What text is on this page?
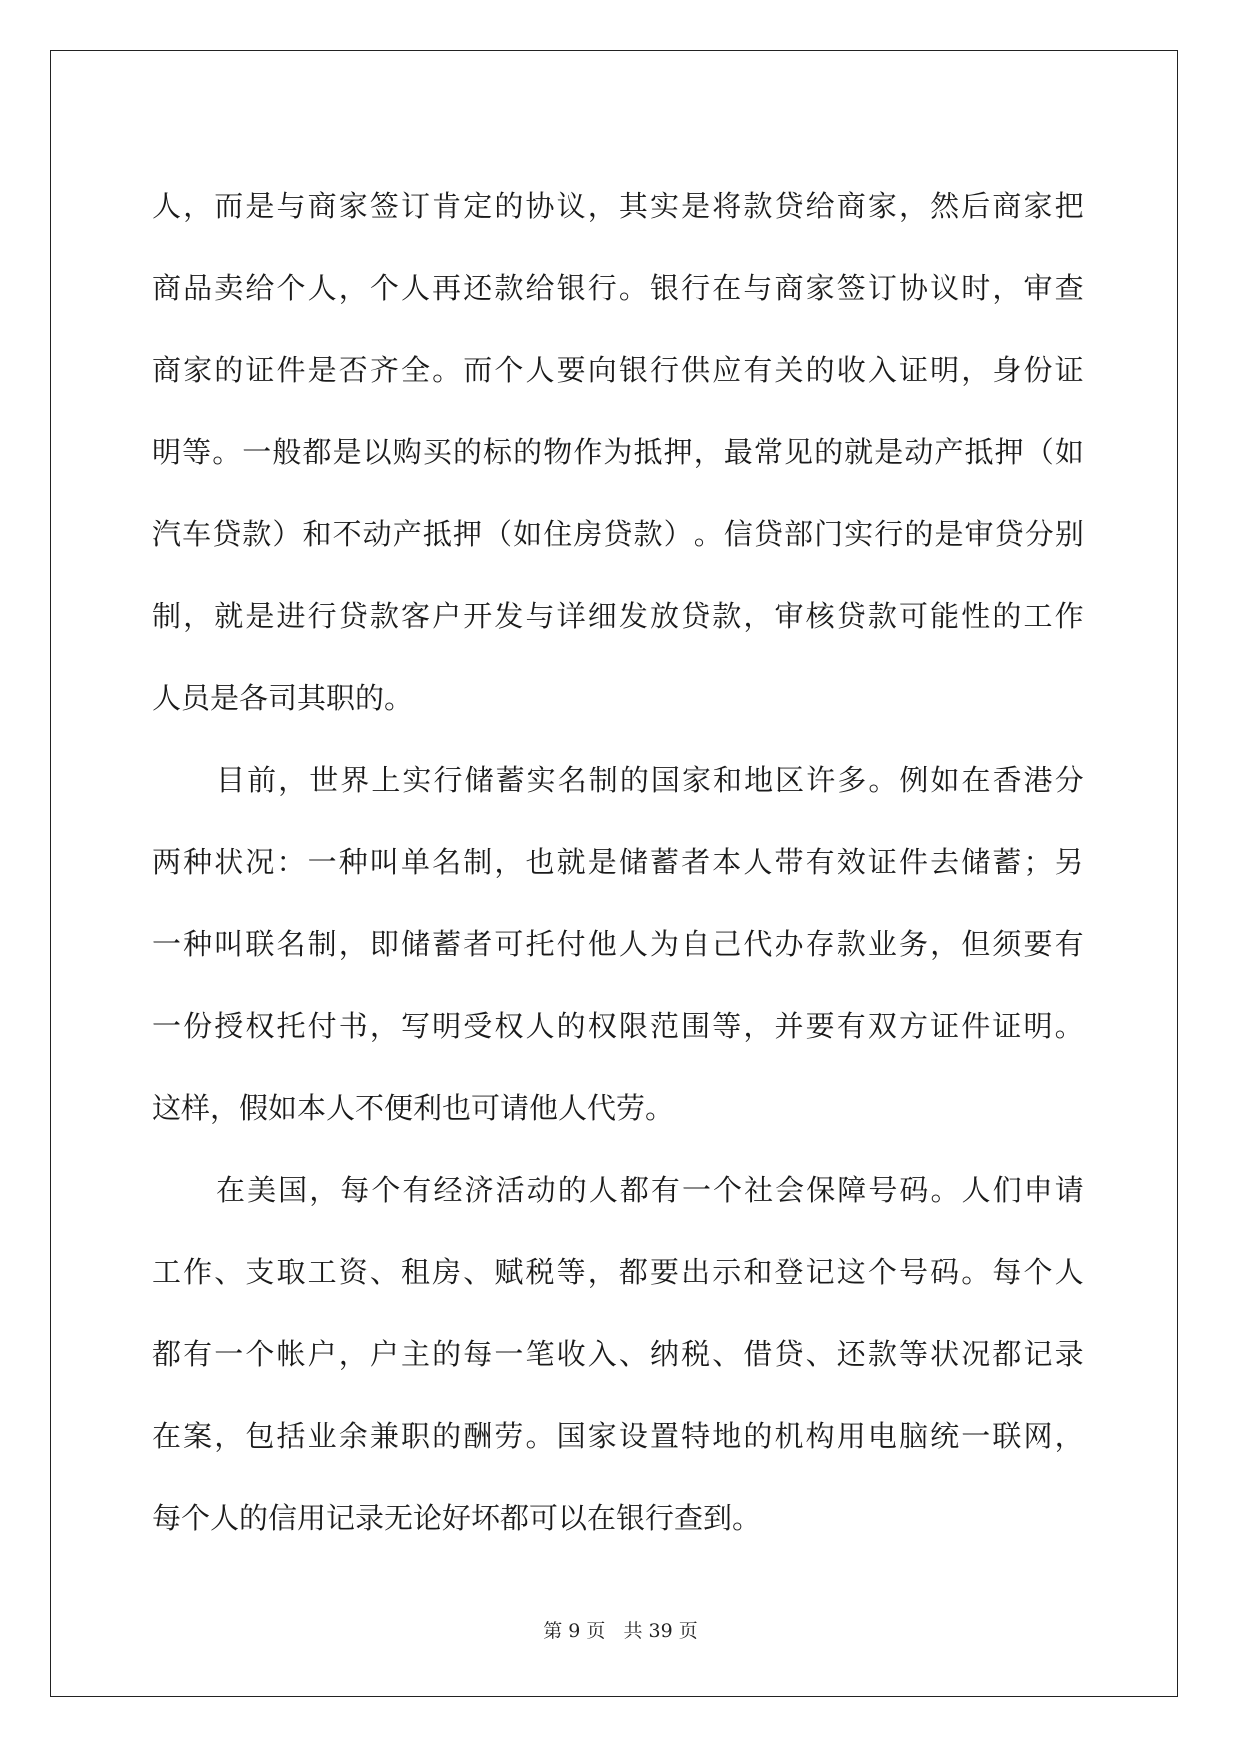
人 ， 而 是 与 商 家 签 订 肯 定 的 协 议 ， 其 实 是 将 款 贷 给 商 家 ， 然 后 商 家 把
商 品 卖 给 个 人 ， 个 人 再 还 款 给 银 行 。 银 行 在 与 商 家 签 订 协 议 时 ， 审 查
商 家 的 证 件 是 否 齐 全 。 而 个 人 要 向 银 行 供 应 有 关 的 收 入 证 明 ， 身 份 证
明 等 。 一 般 都 是 以 购 买 的 标 的 物 作 为 抵 押 ， 最 常 见 的 就 是 动 产 抵 押 （ 如
汽 车 贷 款 ） 和 不 动 产 抵 押 （ 如 住 房 贷 款 ） 。 信 贷 部 门 实 行 的 是 审 贷 分 别
制 ， 就 是 进 行 贷 款 客 户 开 发 与 详 细 发 放 贷 款 ， 审 核 贷 款 可 能 性 的 工 作
人员是各司其职的。
目 前 ， 世 界 上 实 行 储 蓄 实 名 制 的 国 家 和 地 区 许 多 。 例 如 在 香 港 分
两 种 状 况 ： 一 种 叫 单 名 制 ， 也 就 是 储 蓄 者 本 人 带 有 效 证 件 去 储 蓄 ； 另
一 种 叫 联 名 制 ， 即 储 蓄 者 可 托 付 他 人 为 自 己 代 办 存 款 业 务 ， 但 须 要 有
一 份 授 权 托 付 书 ， 写 明 受 权 人 的 权 限 范 围 等 ， 并 要 有 双 方 证 件 证 明 。
这样，假如本人不便利也可请他人代劳。
在 美 国 ， 每 个 有 经 济 活 动 的 人 都 有 一 个 社 会 保 障 号 码 。 人 们 申 请
工 作 、 支 取 工 资 、 租 房 、 赋 税 等 ， 都 要 出 示 和 登 记 这 个 号 码 。 每 个 人
都 有 一 个 帐 户 ， 户 主 的 每 一 笔 收 入 、 纳 税 、 借 贷 、 还 款 等 状 况 都 记 录
在 案 ， 包 括 业 余 兼 职 的 酬 劳 。 国 家 设 置 特 地 的 机 构 用 电 脑 统 一 联 网 ，
每个人的信用记录无论好坏都可以在银行查到。
第 9 页 共 39 页
